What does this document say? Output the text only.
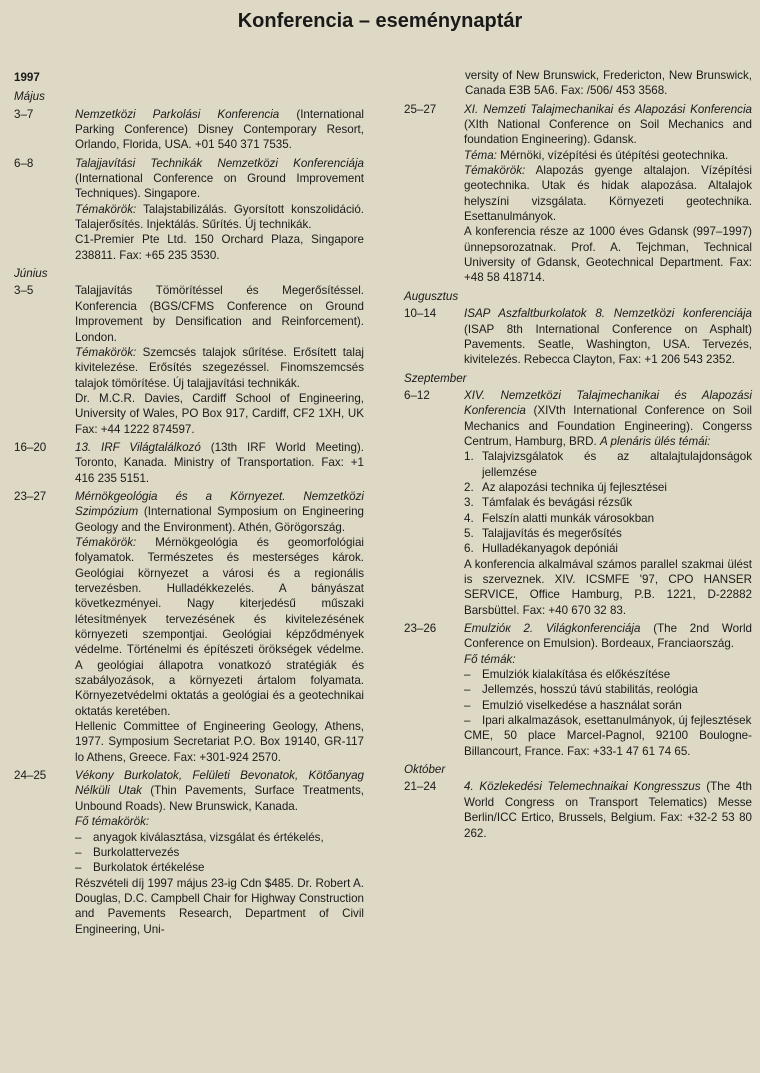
Konferencia – eseménynaptár
1997
Május
3–7	Nemzetközi Parkolási Konferencia (International Parking Conference) Disney Contemporary Resort, Orlando, Florida, USA. +01 540 371 7535.
6–8	Talajjavítási Technikák Nemzetközi Konferenciája (International Conference on Ground Improvement Techniques). Singapore.
Témakörök: Talajstabilizálás. Gyorsított konszolidáció. Talajerősítés. Injektálás. Sűrítés. Új technikák.
C1-Premier Pte Ltd. 150 Orchard Plaza, Singapore 238811. Fax: +65 235 3530.
Június
3–5	Talajjavítás Tömörítéssel és Megerősítéssel. Konferencia (BGS/CFMS Conference on Ground Improvement by Densification and Reinforcement). London.
Témakörök: Szemcsés talajok sűrítése. Erősített talaj kivitelezése. Erősítés szegezéssel. Finomszemcsés talajok tömörítése. Új talajjavítási technikák.
Dr. M.C.R. Davies, Cardiff School of Engineering, University of Wales, PO Box 917, Cardiff, CF2 1XH, UK Fax: +44 1222 874597.
16–20	13. IRF Világtalálkozó (13th IRF World Meeting). Toronto, Kanada. Ministry of Transportation. Fax: +1 416 235 5151.
23–27	Mérnökgeológia és a Környezet. Nemzetközi Szimpózium (International Symposium on Engineering Geology and the Environment). Athén, Görögország.
Témakörök: Mérnökgeológia és geomorfológiai folyamatok. Természetes és mesterséges károk. Geológiai környezet a városi és a regionális tervezésben. Hulladékkezelés. A bányászat következményei. Nagy kiterjedésű műszaki létesítmények tervezésének és kivitelezésének környezeti szempontjai. Geológiai képződmények védelme. Történelmi és építészeti örökségek védelme. A geológiai állapotra vonatkozó stratégiák és szabályozások, a környezeti ártalom folyamata. Környezetvédelmi oktatás a geológiai és a geotechnikai oktatás keretében.
Hellenic Committee of Engineering Geology, Athens, 1977. Symposium Secretariat P.O. Box 19140, GR-117 lo Athens, Greece. Fax: +301-924 2570.
24–25	Vékony Burkolatok, Felületi Bevonatok, Kötőanyag Nélküli Utak (Thin Pavements, Surface Treatments, Unbound Roads). New Brunswick, Kanada.
Fő témakörök:
– anyagok kiválasztása, vizsgálat és értékelés,
– Burkolattervezés
– Burkolatok értékelése
Részvételi díj 1997 május 23-ig Cdn $485. Dr. Robert A. Douglas, D.C. Campbell Chair for Highway Construction and Pavements Research, Department of Civil Engineering, Uni-
versity of New Brunswick, Fredericton, New Brunswick, Canada E3B 5A6. Fax: /506/ 453 3568.
25–27	XI. Nemzeti Talajmechanikai és Alapozási Konferencia (XIth National Conference on Soil Mechanics and foundation Engineering). Gdansk.
Téma: Mérnöki, vízépítési és útépítési geotechnika.
Témakörök: Alapozás gyenge altalajon. Vízépítési geotechnika. Utak és hidak alapozása. Altalajok helyszíni vizsgálata. Környezeti geotechnika. Esettanulmányok.
A konferencia része az 1000 éves Gdansk (997–1997) ünnepsorozatnak. Prof. A. Tejchman, Technical University of Gdansk, Geotechnical Department. Fax: +48 58 418714.
Augusztus
10–14	ISAP Aszfaltburkolatok 8. Nemzetközi konferenciája (ISAP 8th International Conference on Asphalt) Pavements. Seatle, Washington, USA. Tervezés, kivitelezés. Rebecca Clayton, Fax: +1 206 543 2352.
Szeptember
6–12	XIV. Nemzetközi Talajmechanikai és Alapozási Konferencia (XIVth International Conference on Soil Mechanics and Foundation Engineering). Congerss Centrum, Hamburg, BRD. A plenáris ülés témái:
1. Talajvizsgálatok és az altalajtulajdonságok jellemzése
2. Az alapozási technika új fejlesztései
3. Támfalak és bevágási rézsűk
4. Felszín alatti munkák városokban
5. Talajjavítás és megerősítés
6. Hulladékanyagok depóniái
A konferencia alkalmával számos parallel szakmai ülést is szerveznek. XIV. ICSMFE '97, CPO HANSER SERVICE, Office Hamburg, P.B. 1221, D-22882 Barsbüttel. Fax: +40 670 32 83.
23–26	Emulzióк 2. Világkonferenciája (The 2nd World Conference on Emulsion). Bordeaux, Franciaország.
Fő témák:
– Emulziók kialakítása és előkészítése
– Jellemzés, hosszú távú stabilitás, reológia
– Emulzió viselkedése a használat során
– Ipari alkalmazások, esettanulmányok, új fejlesztések
CME, 50 place Marcel-Pagnol, 92100 Boulogne-Billancourt, France. Fax: +33-1 47 61 74 65.
Október
21–24	4. Közlekedési Telemechnaikai Kongresszus (The 4th World Congress on Transport Telematics) Messe Berlin/ICC Ertico, Brussels, Belgium. Fax: +32-2 53 80 262.
